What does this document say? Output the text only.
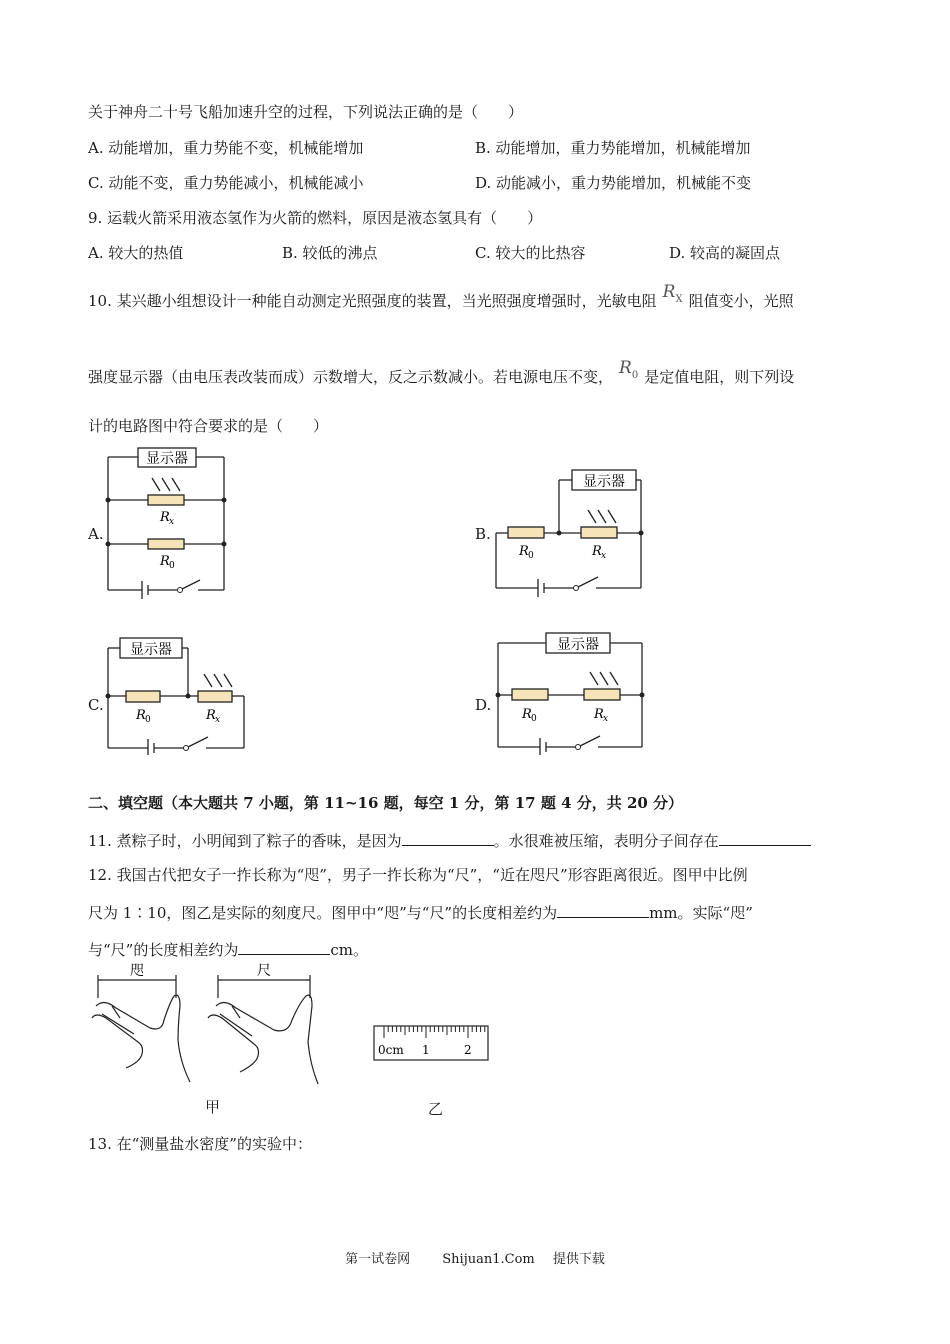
关于神舟二十号飞船加速升空的过程，下列说法正确的是（　　）
A. 动能增加，重力势能不变，机械能增加	B. 动能增加，重力势能增加，机械能增加
C. 动能不变，重力势能减小，机械能减小	D. 动能减小，重力势能增加，机械能不变
9. 运载火箭采用液态氢作为火箭的燃料，原因是液态氢具有（　　）
A. 较大的热值	B. 较低的沸点	C. 较大的比热容	D. 较高的凝固点
10. 某兴趣小组想设计一种能自动测定光照强度的装置，当光照强度增强时，光敏电阻 $R^X$ 阻值变小，光照
强度显示器（由电压表改装而成）示数增大，反之示数减小。若电源电压不变， $R^0$ 是定值电阻，则下列设
计的电路图中符合要求的是（　　）
A.	B.
C.	D.
显示器
R x
R 0
显示器
R 0	R x
显示器
R 0	R x
显示器
R 0	R x
二、填空题（本大题共 7 小题，第 11~16 题，每空 1 分，第 17 题 4 分，共 20 分）
11. 煮粽子时，小明闻到了粽子的香味，是因为	。水很难被压缩，表明分子间存在
12. 我国古代把女子一拃长称为“咫”，男子一拃长称为“尺”，“近在咫尺”形容距离很近。图甲中比例
尺为 1∶10，图乙是实际的刻度尺。图甲中“咫”与“尺”的长度相差约为	mm。实际“咫”
与“尺”的长度相差约为	cm。
咫	尺
甲
0cm 1	2
乙
13. 在“测量盐水密度”的实验中：
第一试卷网 Shijuan1.Com 提供下载
